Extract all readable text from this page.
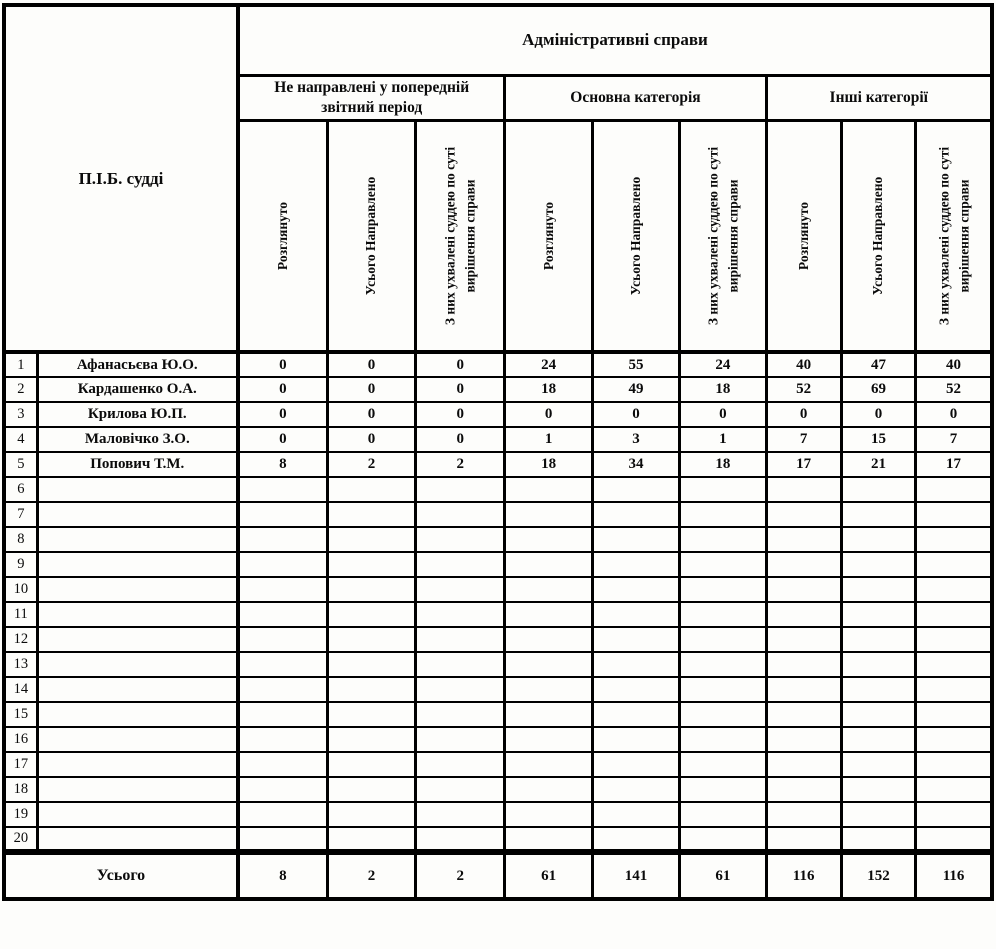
П.І.Б. судді		Адміністративні справи								
		Не направлені у попередній звітний період			Основна категорія			Інші категорії		

		Розглянуто	Усього Направлено	З них ухвалені суддею по суті вирішення справи	Розглянуто	Усього Направлено	З них ухвалені суддею по суті вирішення справи	Розглянуто	Усього Направлено	З них ухвалені суддею по суті вирішення справи

1	Афанасьєва Ю.О.	0	0	0	24	55	24	40	47	40
2	Кардашенко О.А.	0	0	0	18	49	18	52	69	52
3	Крилова Ю.П.	0	0	0	0	0	0	0	0	0
4	Маловічко З.О.	0	0	0	1	3	1	7	15	7
5	Попович Т.М.	8	2	2	18	34	18	17	21	17
6										
7										
8										
9										
10										
11										
12										
13										
14										
15										
16										
17										
18										
19										
20										
Усього		8	2	2	61	141	61	116	152	116
